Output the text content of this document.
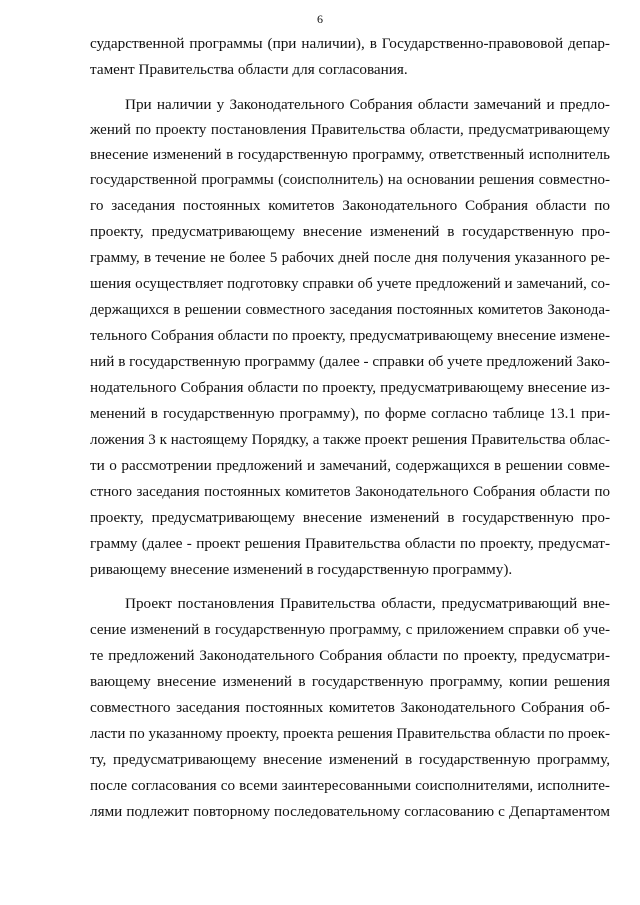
6
сударственной программы (при наличии), в Государственно-правововой депар-
тамент Правительства области для согласования.
При наличии у Законодательного Собрания области замечаний и предло-
жений по проекту постановления Правительства области, предусматривающему
внесение изменений в государственную программу, ответственный исполнитель
государственной программы (соисполнитель) на основании решения совместно-
го заседания постоянных комитетов Законодательного Собрания области по
проекту, предусматривающему внесение изменений в государственную про-
грамму, в течение не более 5 рабочих дней после дня получения указанного ре-
шения осуществляет подготовку справки об учете предложений и замечаний, со-
держащихся в решении совместного заседания постоянных комитетов Законода-
тельного Собрания области по проекту, предусматривающему внесение измене-
ний в государственную программу (далее - справки об учете предложений Зако-
нодательного Собрания области по проекту, предусматривающему внесение из-
менений в государственную программу), по форме согласно таблице 13.1 при-
ложения 3 к настоящему Порядку, а также проект решения Правительства облас-
ти о рассмотрении предложений и замечаний, содержащихся в решении совме-
стного заседания постоянных комитетов Законодательного Собрания области по
проекту, предусматривающему внесение изменений в государственную про-
грамму (далее - проект решения Правительства области по проекту, предусмат-
ривающему внесение изменений в государственную программу).
Проект постановления Правительства области, предусматривающий вне-
сение изменений в государственную программу, с приложением справки об уче-
те предложений Законодательного Собрания области по проекту, предусматри-
вающему внесение изменений в государственную программу, копии решения
совместного заседания постоянных комитетов Законодательного Собрания об-
ласти по указанному проекту, проекта решения Правительства области по проек-
ту, предусматривающему внесение изменений в государственную программу,
после согласования со всеми заинтересованными соисполнителями, исполните-
лями подлежит повторному последовательному согласованию с Департаментом
